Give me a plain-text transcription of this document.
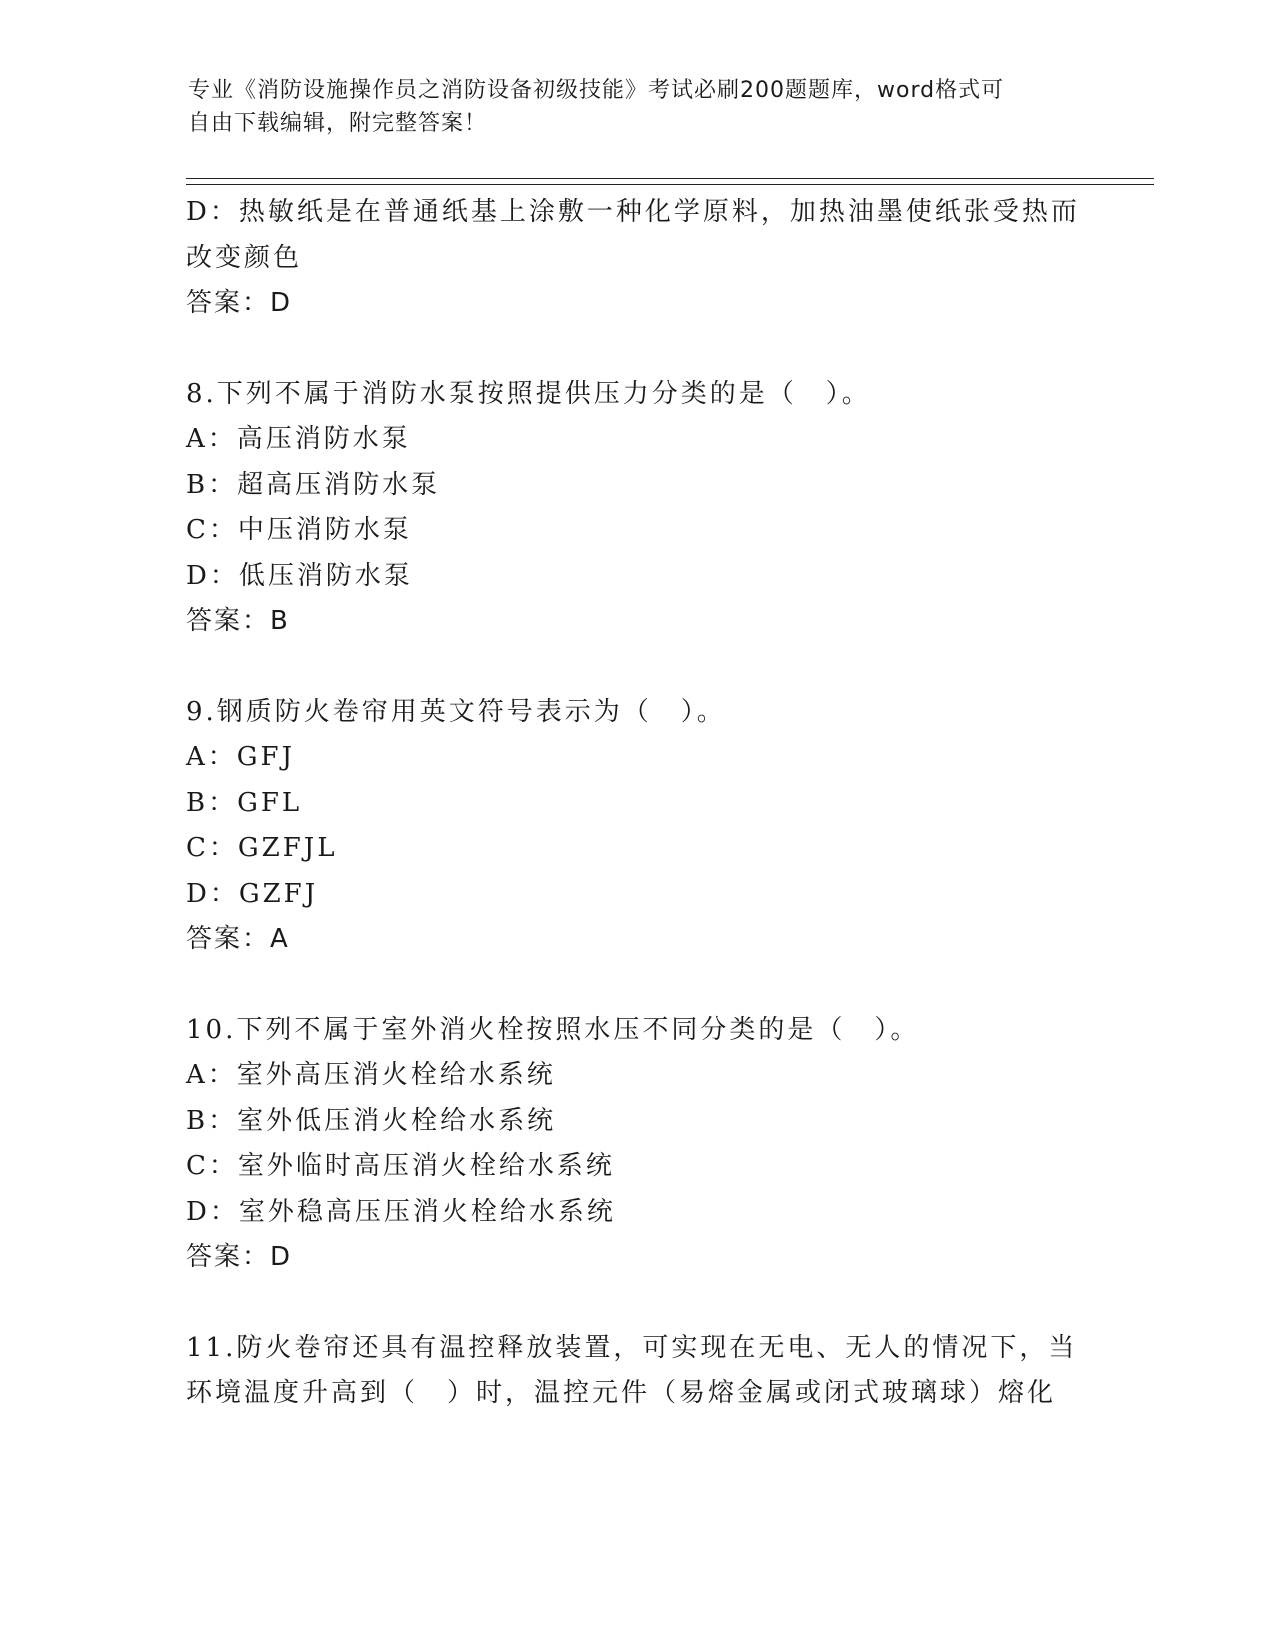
专业《消防设施操作员之消防设备初级技能》考试必刷200题题库，word格式可
自由下载编辑，附完整答案！
D：热敏纸是在普通纸基上涂敷一种化学原料，加热油墨使纸张受热而
改变颜色
答案：D
8.下列不属于消防水泵按照提供压力分类的是（　）。
A：高压消防水泵
B：超高压消防水泵
C：中压消防水泵
D：低压消防水泵
答案：B
9.钢质防火卷帘用英文符号表示为（　）。
A：GFJ
B：GFL
C：GZFJL
D：GZFJ
答案：A
10.下列不属于室外消火栓按照水压不同分类的是（　）。
A：室外高压消火栓给水系统
B：室外低压消火栓给水系统
C：室外临时高压消火栓给水系统
D：室外稳高压压消火栓给水系统
答案：D
11.防火卷帘还具有温控释放装置，可实现在无电、无人的情况下，当
环境温度升高到（　）时，温控元件（易熔金属或闭式玻璃球）熔化
